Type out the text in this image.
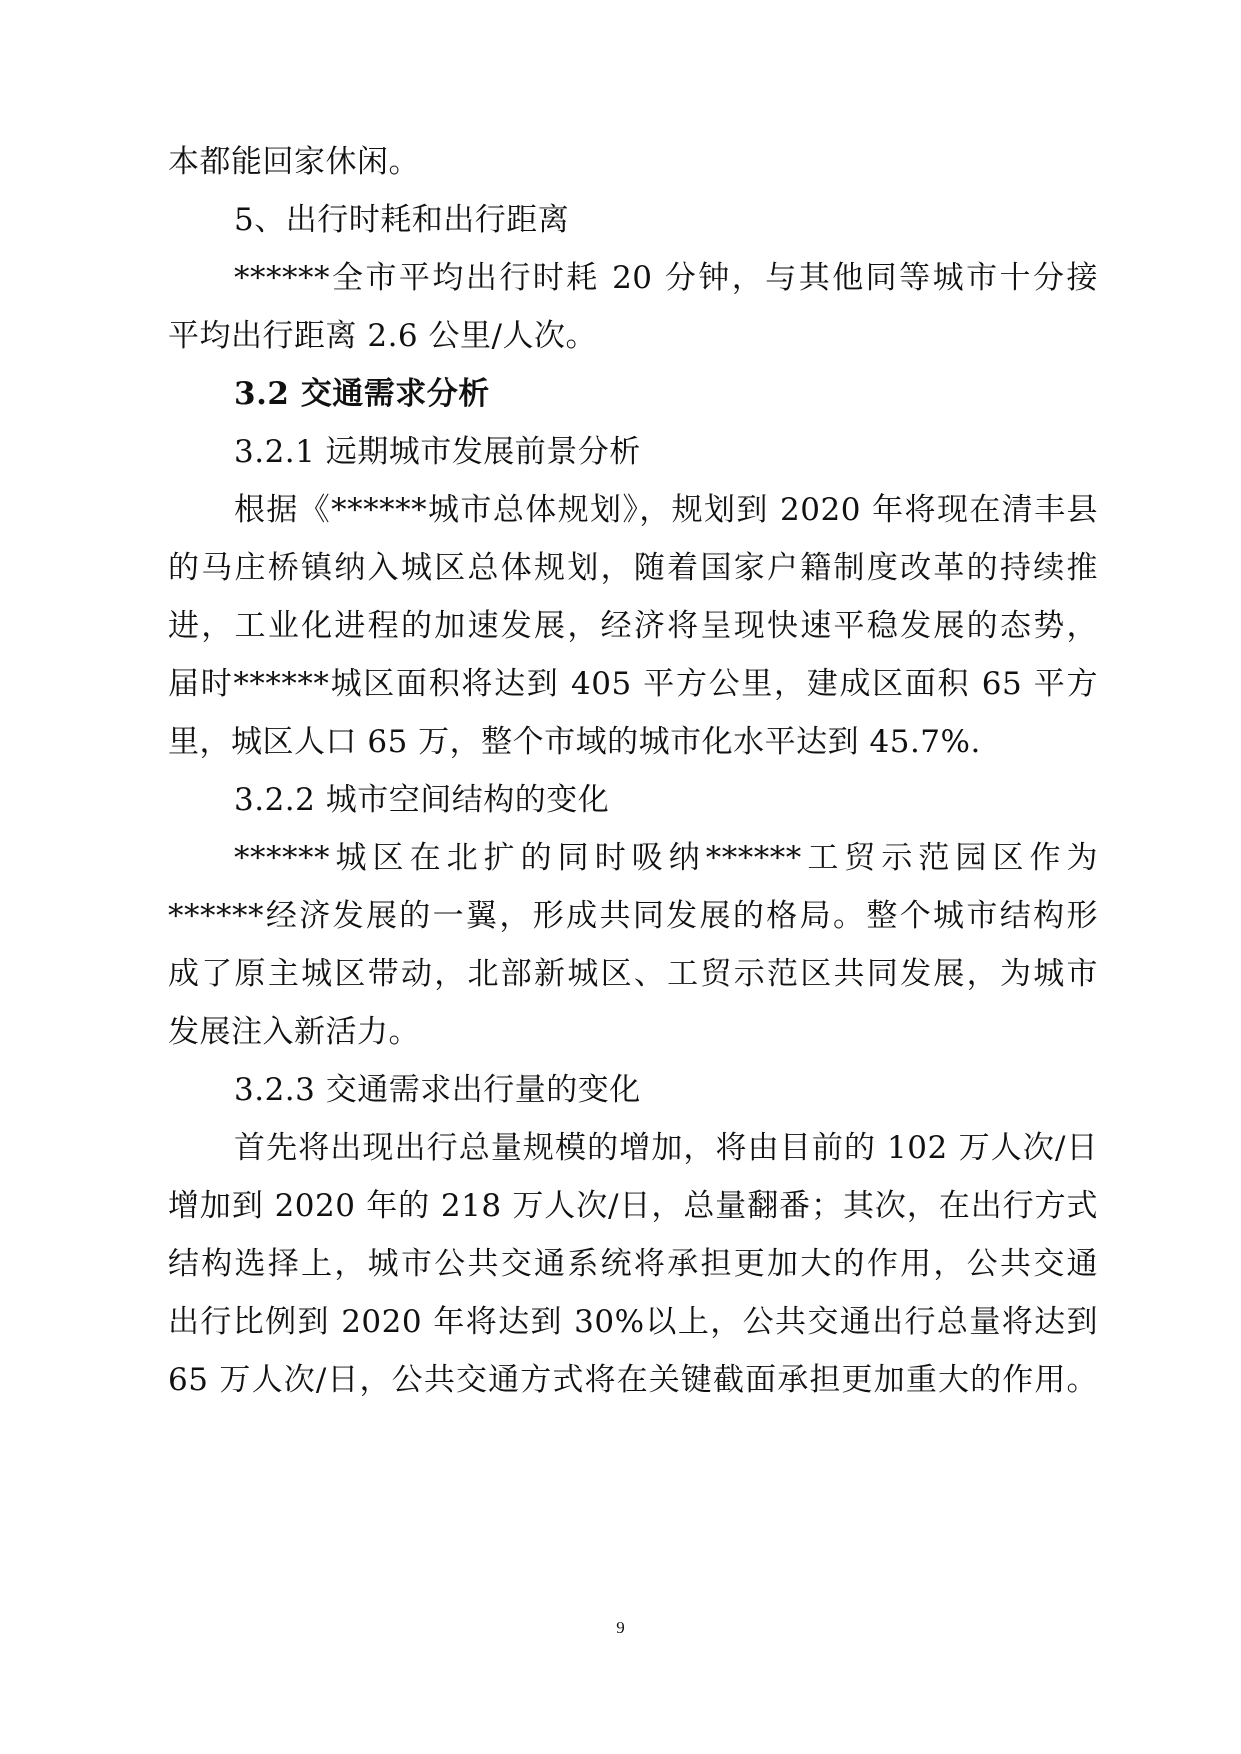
本都能回家休闲。
5、出行时耗和出行距离
******全市平均出行时耗 20 分钟，与其他同等城市十分接
平均出行距离 2.6 公里/人次。
3.2 交通需求分析
3.2.1 远期城市发展前景分析
根据《******城市总体规划》，规划到 2020 年将现在清丰县
的马庄桥镇纳入城区总体规划，随着国家户籍制度改革的持续推
进，工业化进程的加速发展，经济将呈现快速平稳发展的态势，
届时******城区面积将达到 405 平方公里，建成区面积 65 平方
里，城区人口 65 万，整个市域的城市化水平达到 45.7%.
3.2.2 城市空间结构的变化
******城区在北扩的同时吸纳******工贸示范园区作为
******经济发展的一翼，形成共同发展的格局。整个城市结构形
成了原主城区带动，北部新城区、工贸示范区共同发展，为城市
发展注入新活力。
3.2.3 交通需求出行量的变化
首先将出现出行总量规模的增加，将由目前的 102 万人次/日
增加到 2020 年的 218 万人次/日，总量翻番；其次，在出行方式
结构选择上，城市公共交通系统将承担更加大的作用，公共交通
出行比例到 2020 年将达到 30%以上，公共交通出行总量将达到
65 万人次/日，公共交通方式将在关键截面承担更加重大的作用。
9
